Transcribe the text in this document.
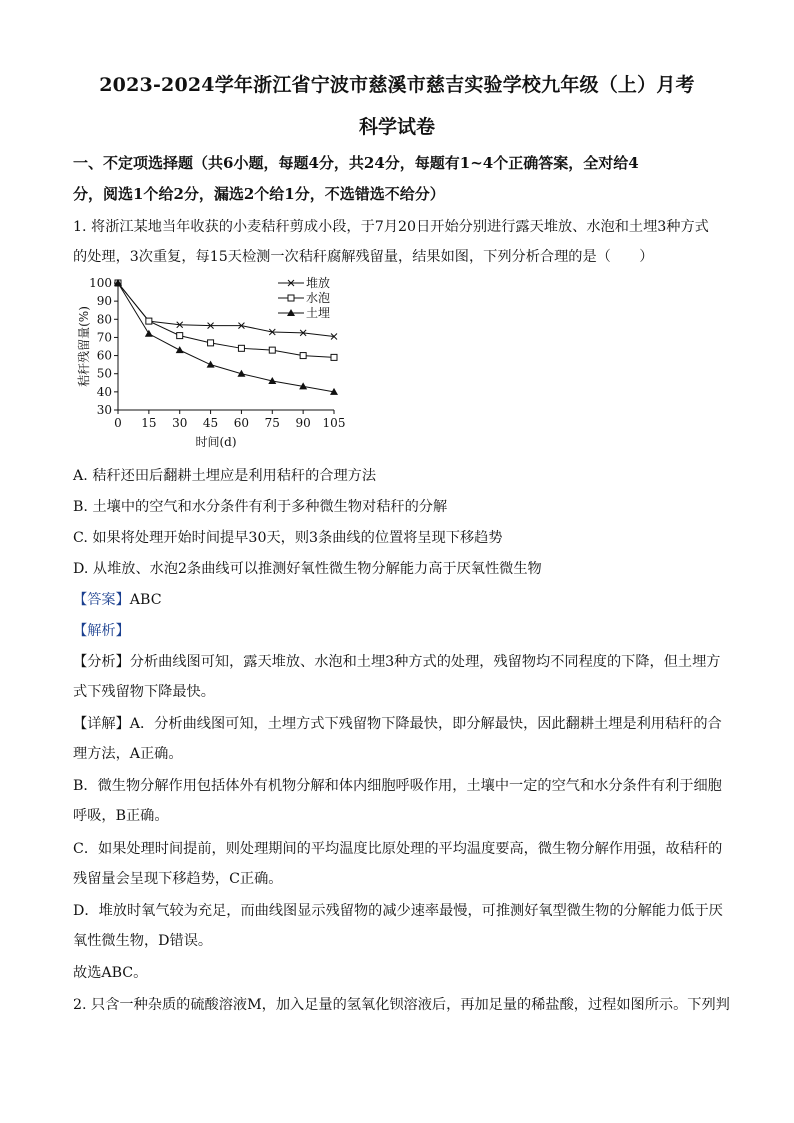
2023-2024学年浙江省宁波市慈溪市慈吉实验学校九年级（上）月考
科学试卷
一、不定项选择题（共6小题，每题4分，共24分，每题有1~4个正确答案，全对给4
分，阅选1个给2分，漏选2个给1分，不选错选不给分）
1. 将浙江某地当年收获的小麦秸秆剪成小段，于7月20日开始分别进行露天堆放、水泡和土埋3种方式
的处理，3次重复，每15天检测一次秸秆腐解残留量，结果如图，下列分析合理的是（　　）
100
90
80
70
60
50
40
30
0 15 30 45 60 75 90 105
时间(d)
秸秆残留量(%)
堆放
水泡
土埋
A. 秸秆还田后翻耕土埋应是利用秸秆的合理方法
B. 土壤中的空气和水分条件有利于多种微生物对秸秆的分解
C. 如果将处理开始时间提早30天，则3条曲线的位置将呈现下移趋势
D. 从堆放、水泡2条曲线可以推测好氧性微生物分解能力高于厌氧性微生物
【答案】ABC
【解析】
【分析】分析曲线图可知，露天堆放、水泡和土埋3种方式的处理，残留物均不同程度的下降，但土埋方
式下残留物下降最快。
【详解】A．分析曲线图可知，土埋方式下残留物下降最快，即分解最快，因此翻耕土埋是利用秸秆的合
理方法，A正确。
B．微生物分解作用包括体外有机物分解和体内细胞呼吸作用，土壤中一定的空气和水分条件有利于细胞
呼吸，B正确。
C．如果处理时间提前，则处理期间的平均温度比原处理的平均温度要高，微生物分解作用强，故秸秆的
残留量会呈现下移趋势，C正确。
D．堆放时氧气较为充足，而曲线图显示残留物的减少速率最慢，可推测好氧型微生物的分解能力低于厌
氧性微生物，D错误。
故选ABC。
2. 只含一种杂质的硫酸溶液M，加入足量的氢氧化钡溶液后，再加足量的稀盐酸，过程如图所示。下列判
